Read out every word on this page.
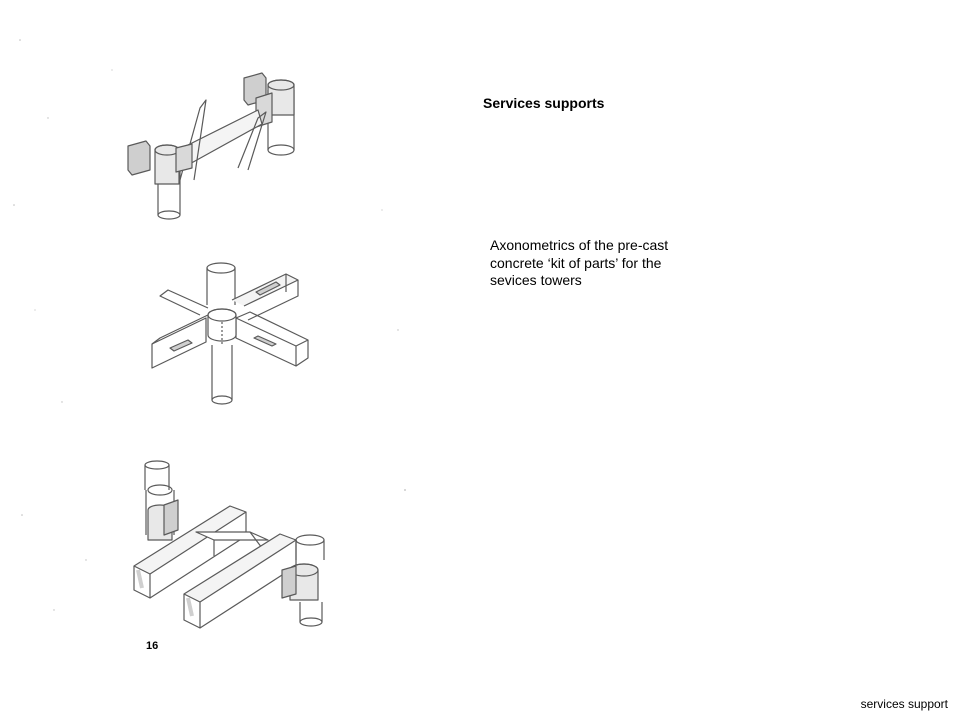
Services supports
Axonometrics of the pre-cast concrete ‘kit of parts’ for the sevices towers
16
services support
